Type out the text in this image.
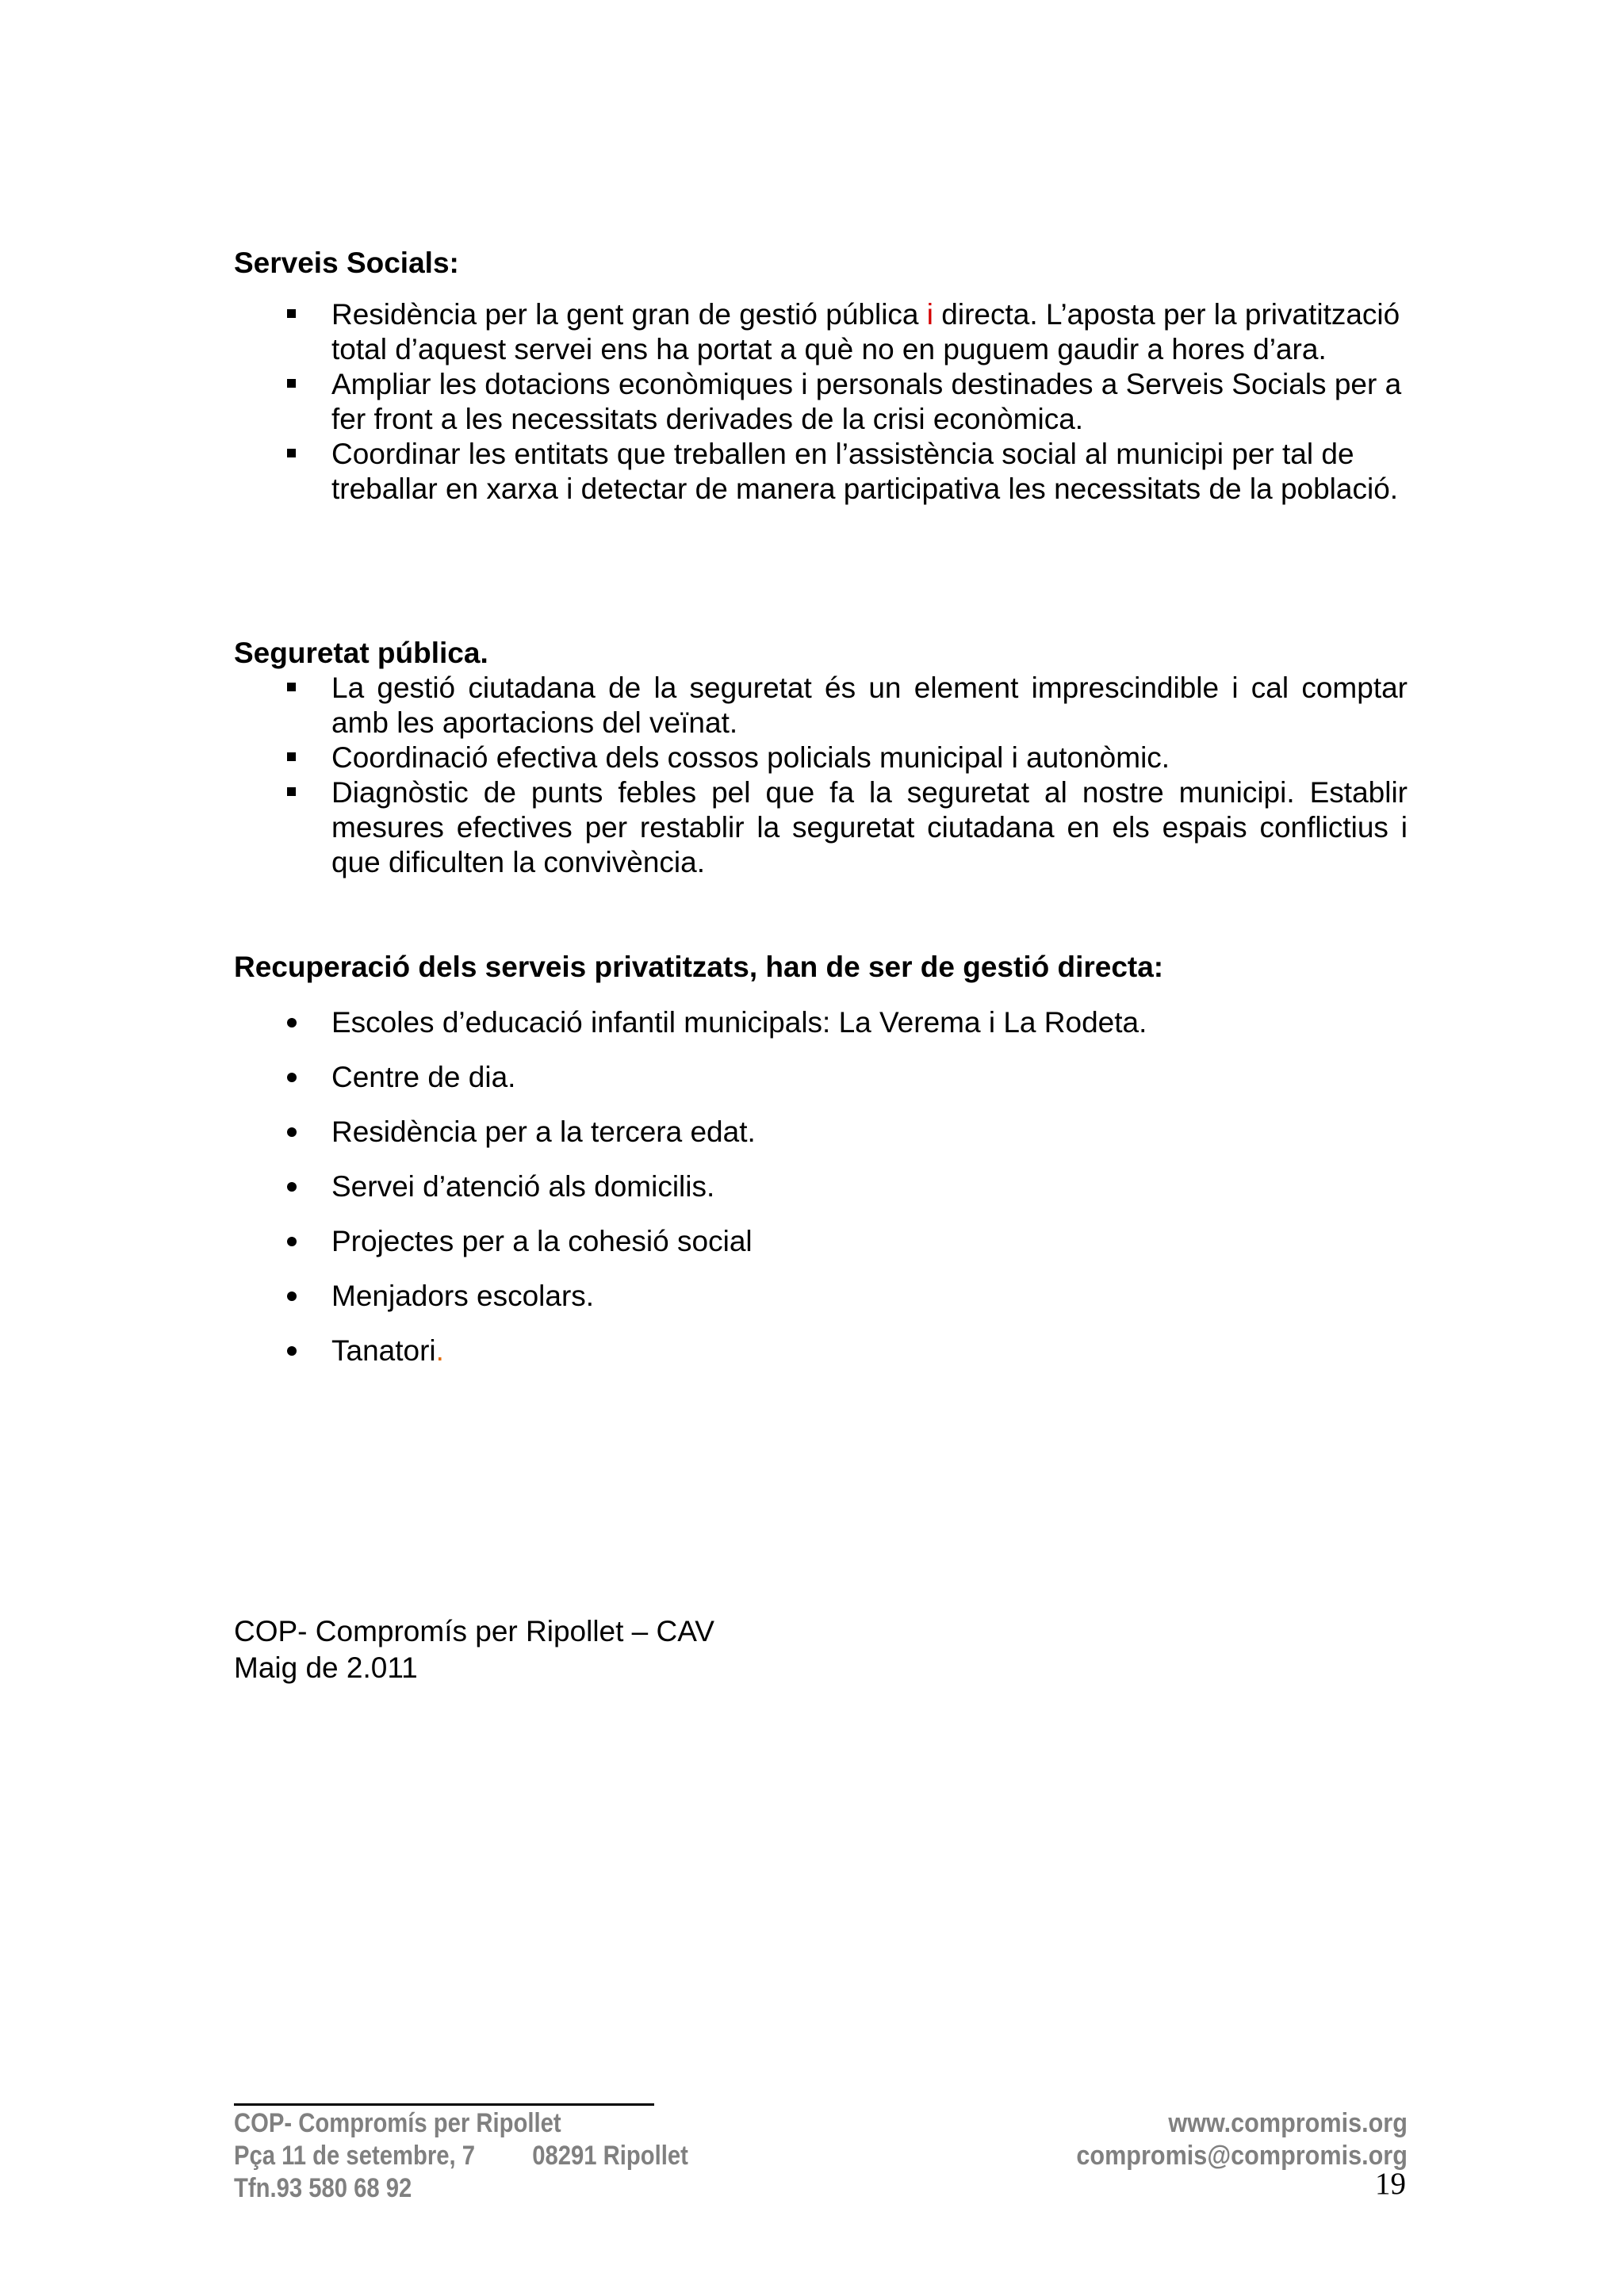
Serveis Socials:
Residència per la gent gran de gestió pública i directa. L’aposta per la privatització total d’aquest servei ens ha portat a què no en puguem gaudir a hores d’ara.
Ampliar les dotacions econòmiques i personals destinades a Serveis Socials per a fer front a les necessitats derivades de la crisi econòmica.
Coordinar les entitats que treballen en l’assistència social al municipi per tal de treballar en xarxa i detectar de manera participativa les necessitats de la població.
Seguretat pública.
La gestió ciutadana de la seguretat és un element imprescindible i cal comptar amb les aportacions del veïnat.
Coordinació efectiva dels cossos policials municipal i autonòmic.
Diagnòstic de punts febles pel que fa la seguretat al nostre municipi. Establir mesures efectives per restablir la seguretat ciutadana en els espais conflictius i que dificulten la convivència.
Recuperació dels serveis privatitzats, han de ser de gestió directa:
Escoles d’educació infantil municipals: La Verema i La Rodeta.
Centre de dia.
Residència per a la tercera edat.
Servei d’atenció als domicilis.
Projectes per a la cohesió social
Menjadors escolars.
Tanatori.
COP- Compromís per Ripollet – CAV
Maig de 2.011
COP- Compromís per Ripollet
Pça 11 de setembre, 7 08291 Ripollet
Tfn.93 580 68 92
www.compromis.org
compromis@compromis.org
19
